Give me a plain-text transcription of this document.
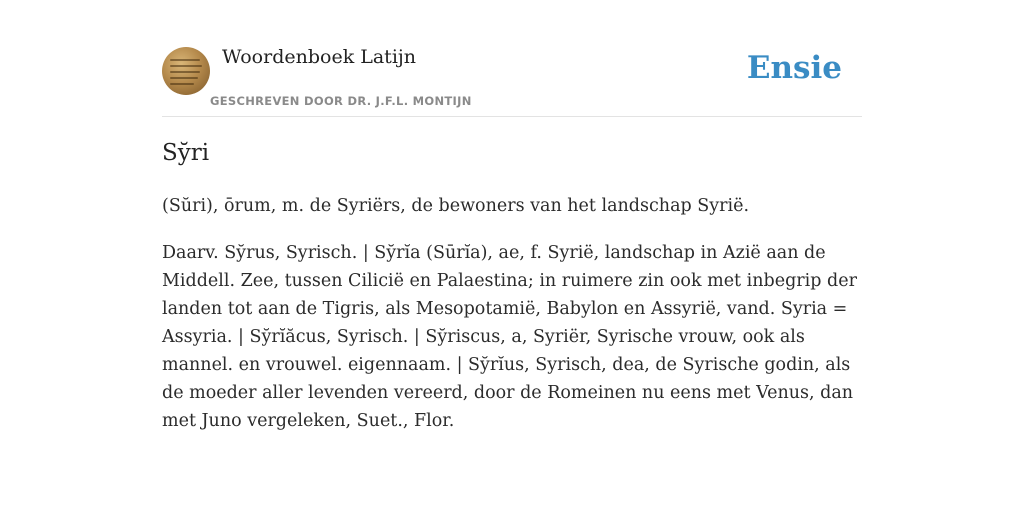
Woordenboek Latijn
GESCHREVEN DOOR DR. J.F.L. MONTIJN
Ensie
Sy̆ri
(Sŭri), ōrum, m. de Syriërs, de bewoners van het landschap Syrië.
Daarv. Sy̆rus, Syrisch. | Sy̆rĭa (Sūrĭa), ae, f. Syrië, landschap in Azië aan de Middell. Zee, tussen Cilicië en Palaestina; in ruimere zin ook met inbegrip der landen tot aan de Tigris, als Mesopotamië, Babylon en Assyrië, vand. Syria = Assyria. | Sy̆rĭăcus, Syrisch. | Sy̆riscus, a, Syriër, Syrische vrouw, ook als mannel. en vrouwel. eigennaam. | Sy̆rĭus, Syrisch, dea, de Syrische godin, als de moeder aller levenden vereerd, door de Romeinen nu eens met Venus, dan met Juno vergeleken, Suet., Flor.
